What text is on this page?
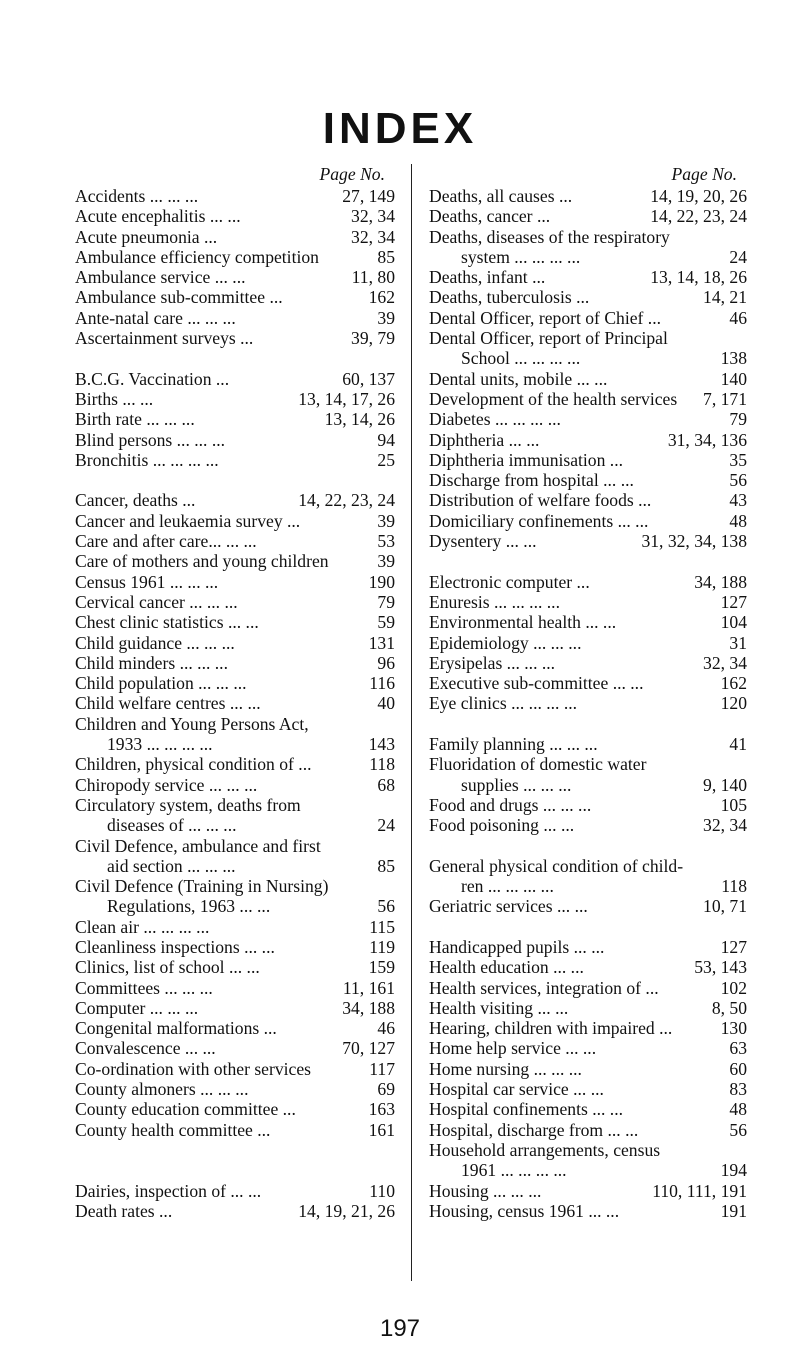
INDEX
Page No.
Accidents ... ... ...	27, 149
Acute encephalitis ... ...	32, 34
Acute pneumonia ...	32, 34
Ambulance efficiency competition	85
Ambulance service ... ...	11, 80
Ambulance sub-committee ...	162
Ante-natal care ... ... ...	39
Ascertainment surveys ...	39, 79
B.C.G. Vaccination ...	60, 137
Births ... ...	13, 14, 17, 26
Birth rate ... ... ...	13, 14, 26
Blind persons ... ... ...	94
Bronchitis ... ... ... ...	25
Cancer, deaths ...	14, 22, 23, 24
Cancer and leukaemia survey ...	39
Care and after care... ... ...	53
Care of mothers and young children	39
Census 1961 ... ... ...	190
Cervical cancer ... ... ...	79
Chest clinic statistics ... ...	59
Child guidance ... ... ...	131
Child minders ... ... ...	96
Child population ... ... ...	116
Child welfare centres ... ...	40
Children and Young Persons Act,
1933 ... ... ... ...	143
Children, physical condition of ...	118
Chiropody service ... ... ...	68
Circulatory system, deaths from
diseases of ... ... ...	24
Civil Defence, ambulance and first
aid section ... ... ...	85
Civil Defence (Training in Nursing)
Regulations, 1963 ... ...	56
Clean air ... ... ... ...	115
Cleanliness inspections ... ...	119
Clinics, list of school ... ...	159
Committees ... ... ...	11, 161
Computer ... ... ...	34, 188
Congenital malformations ...	46
Convalescence ... ...	70, 127
Co-ordination with other services	117
County almoners ... ... ...	69
County education committee ...	163
County health committee ...	161
Dairies, inspection of ... ...	110
Death rates ...	14, 19, 21, 26
Page No.
Deaths, all causes ...	14, 19, 20, 26
Deaths, cancer ...	14, 22, 23, 24
Deaths, diseases of the respiratory
system ... ... ... ...	24
Deaths, infant ...	13, 14, 18, 26
Deaths, tuberculosis ...	14, 21
Dental Officer, report of Chief ...	46
Dental Officer, report of Principal
School ... ... ... ...	138
Dental units, mobile ... ...	140
Development of the health services	7, 171
Diabetes ... ... ... ...	79
Diphtheria ... ...	31, 34, 136
Diphtheria immunisation ...	35
Discharge from hospital ... ...	56
Distribution of welfare foods ...	43
Domiciliary confinements ... ...	48
Dysentery ... ...	31, 32, 34, 138
Electronic computer ...	34, 188
Enuresis ... ... ... ...	127
Environmental health ... ...	104
Epidemiology ... ... ...	31
Erysipelas ... ... ...	32, 34
Executive sub-committee ... ...	162
Eye clinics ... ... ... ...	120
Family planning ... ... ...	41
Fluoridation of domestic water
supplies ... ... ...	9, 140
Food and drugs ... ... ...	105
Food poisoning ... ...	32, 34
General physical condition of child-
ren ... ... ... ...	118
Geriatric services ... ...	10, 71
Handicapped pupils ... ...	127
Health education ... ...	53, 143
Health services, integration of ...	102
Health visiting ... ...	8, 50
Hearing, children with impaired ...	130
Home help service ... ...	63
Home nursing ... ... ...	60
Hospital car service ... ...	83
Hospital confinements ... ...	48
Hospital, discharge from ... ...	56
Household arrangements, census
1961 ... ... ... ...	194
Housing ... ... ...	110, 111, 191
Housing, census 1961 ... ...	191
197
